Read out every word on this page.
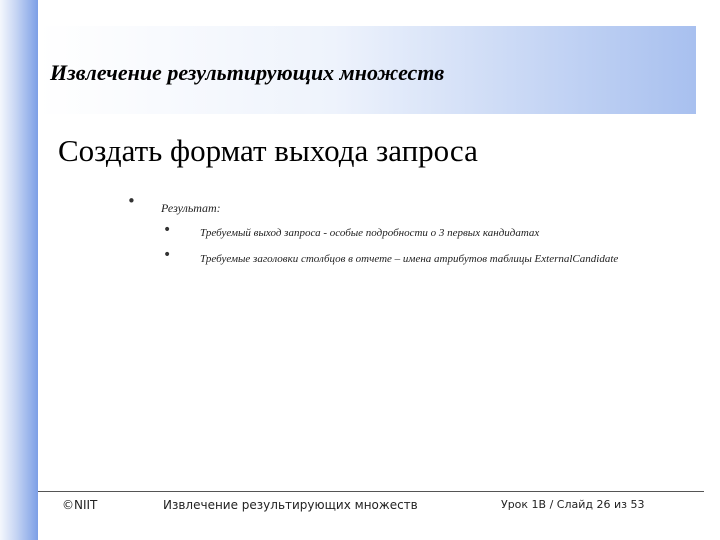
Извлечение результирующих множеств
Создать формат выхода запроса
• Результат:
•	Требуемый выход запроса - особые подробности о 3 первых кандидатах
•	Требуемые заголовки столбцов в отчете – имена атрибутов таблицы ExternalCandidate
©NIIT	Извлечение результирующих множеств	Урок 1B / Слайд 26 из 53
